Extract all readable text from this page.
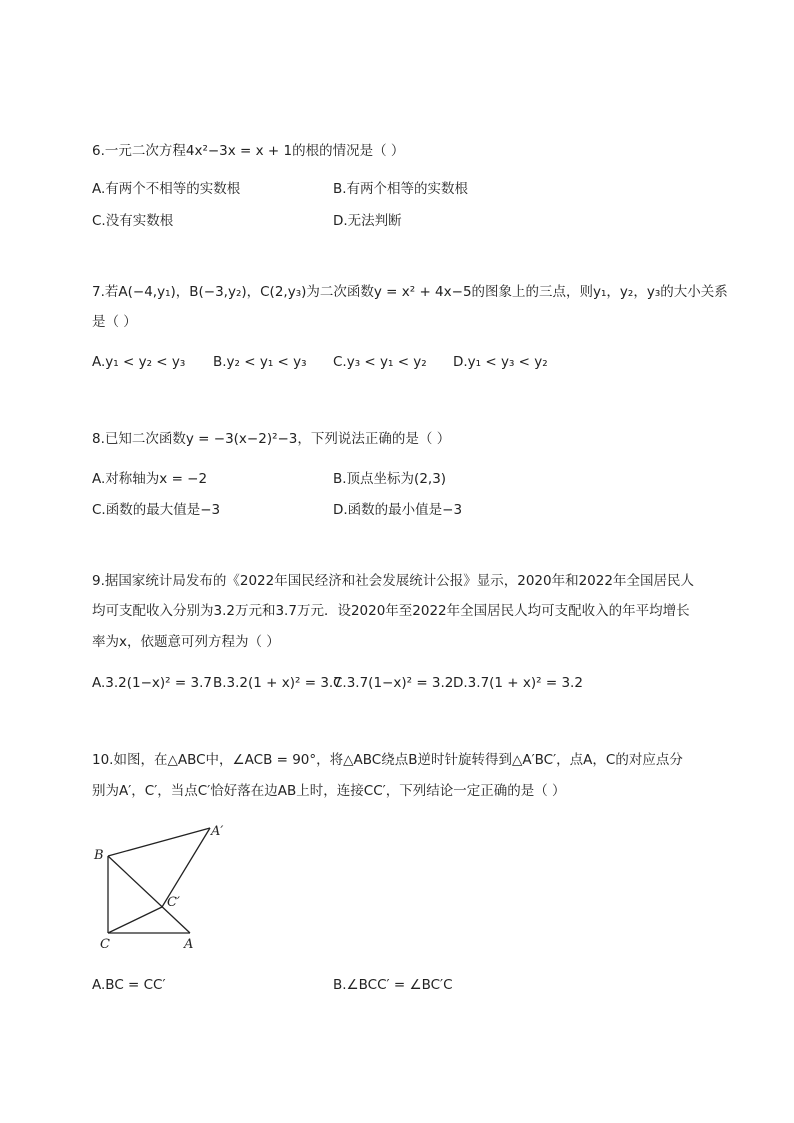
6.一元二次方程4x²−3x = x + 1的根的情况是（ ）
A.有两个不相等的实数根	B.有两个相等的实数根
C.没有实数根	D.无法判断
7.若A(−4,y₁)，B(−3,y₂)，C(2,y₃)为二次函数y = x² + 4x−5的图象上的三点，则y₁，y₂，y₃的大小关系
是（ ）
A.y₁ < y₂ < y₃ B.y₂ < y₁ < y₃ C.y₃ < y₁ < y₂ D.y₁ < y₃ < y₂
8.已知二次函数y = −3(x−2)²−3，下列说法正确的是（ ）
A.对称轴为x = −2	B.顶点坐标为(2,3)
C.函数的最大值是−3	D.函数的最小值是−3
9.据国家统计局发布的《2022年国民经济和社会发展统计公报》显示，2020年和2022年全国居民人
均可支配收入分别为3.2万元和3.7万元．设2020年至2022年全国居民人均可支配收入的年平均增长
率为x，依题意可列方程为（ ）
A.3.2(1−x)² = 3.7 B.3.2(1 + x)² = 3.7
C.3.7(1−x)² = 3.2 D.3.7(1 + x)² = 3.2
10.如图，在△ABC中，∠ACB = 90°，将△ABC绕点B逆时针旋转得到△A′BC′，点A，C的对应点分
别为A′，C′，当点C′恰好落在边AB上时，连接CC′，下列结论一定正确的是（ ）
B
A′
C′
C	A
A.BC = CC′	B.∠BCC′ = ∠BC′C
